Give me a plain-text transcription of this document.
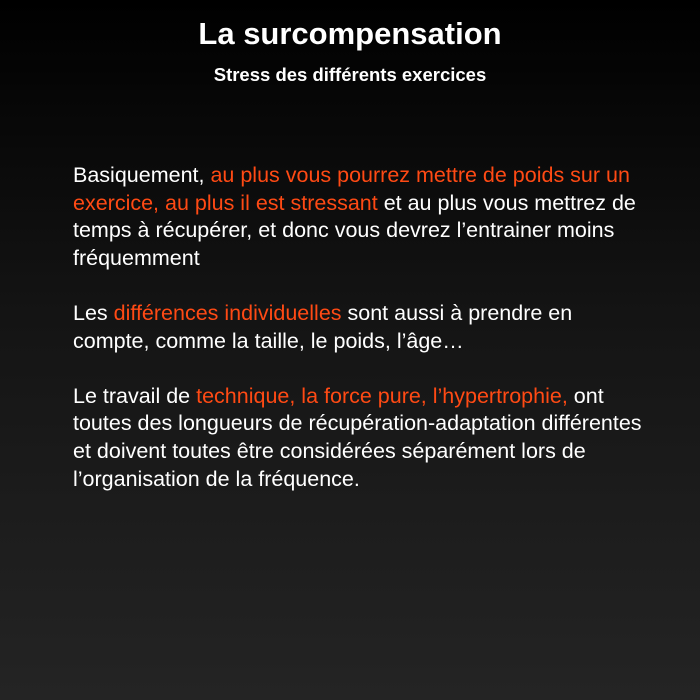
La surcompensation
Stress des différents exercices

Basiquement, au plus vous pourrez mettre de poids sur un exercice, au plus il est stressant et au plus vous mettrez de temps à récupérer, et donc vous devrez l’entrainer moins fréquemment

Les différences individuelles sont aussi à prendre en compte, comme la taille, le poids, l’âge…

Le travail de technique, la force pure, l’hypertrophie, ont toutes des longueurs de récupération-adaptation différentes et doivent toutes être considérées séparément lors de l’organisation de la fréquence.
